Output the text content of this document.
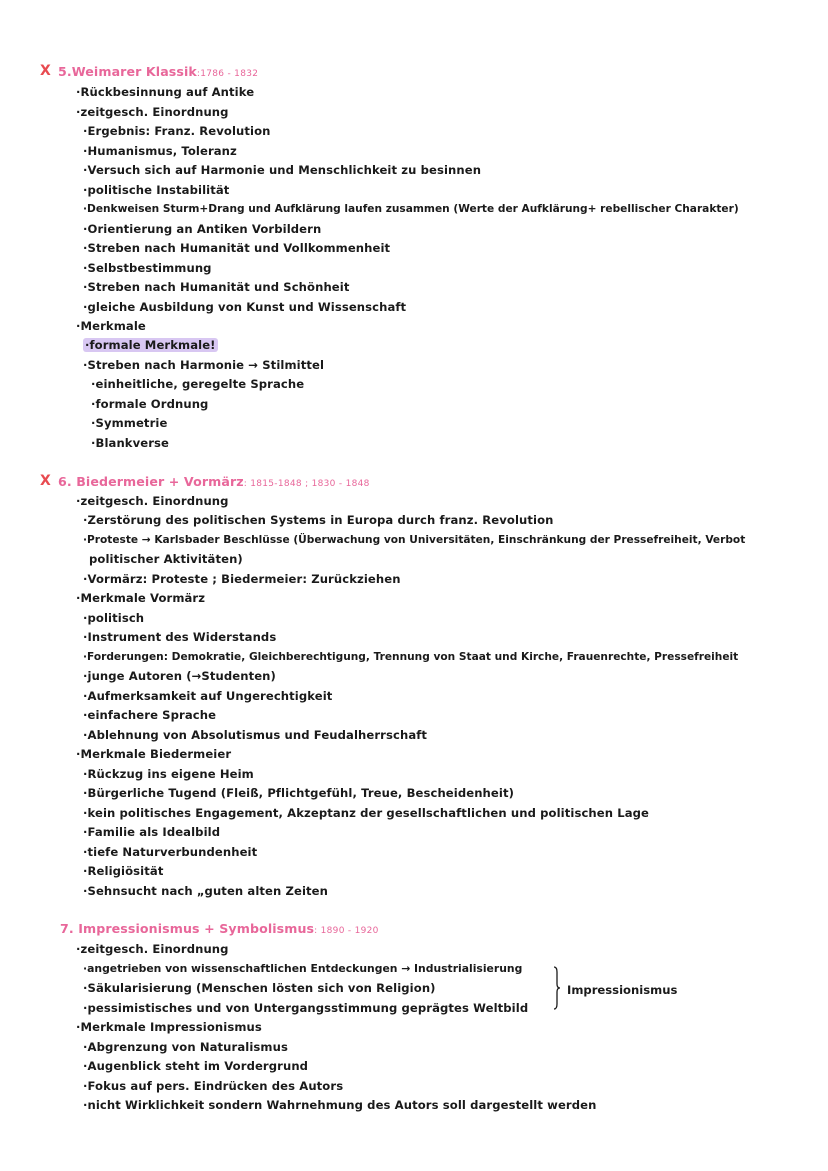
X 5.Weimarer Klassik:1786 - 1832
·Rückbesinnung auf Antike
·zeitgesch. Einordnung
·Ergebnis: Franz. Revolution
·Humanismus, Toleranz
·Versuch sich auf Harmonie und Menschlichkeit zu besinnen
·politische Instabilität
·Denkweisen Sturm+Drang und Aufklärung laufen zusammen (Werte der Aufklärung+ rebellischer Charakter)
·Orientierung an Antiken Vorbildern
·Streben nach Humanität und Vollkommenheit
·Selbstbestimmung
·Streben nach Humanität und Schönheit
·gleiche Ausbildung von Kunst und Wissenschaft
·Merkmale
·formale Merkmale!
·Streben nach Harmonie → Stilmittel
·einheitliche, geregelte Sprache
·formale Ordnung
·Symmetrie
·Blankverse
X 6. Biedermeier + Vormärz: 1815-1848 ; 1830 - 1848
·zeitgesch. Einordnung
·Zerstörung des politischen Systems in Europa durch franz. Revolution
·Proteste → Karlsbader Beschlüsse (Überwachung von Universitäten, Einschränkung der Pressefreiheit, Verbot
politischer Aktivitäten)
·Vormärz: Proteste ; Biedermeier: Zurückziehen
·Merkmale Vormärz
·politisch
·Instrument des Widerstands
·Forderungen: Demokratie, Gleichberechtigung, Trennung von Staat und Kirche, Frauenrechte, Pressefreiheit
·junge Autoren (→Studenten)
·Aufmerksamkeit auf Ungerechtigkeit
·einfachere Sprache
·Ablehnung von Absolutismus und Feudalherrschaft
·Merkmale Biedermeier
·Rückzug ins eigene Heim
·Bürgerliche Tugend (Fleiß, Pflichtgefühl, Treue, Bescheidenheit)
·kein politisches Engagement, Akzeptanz der gesellschaftlichen und politischen Lage
·Familie als Idealbild
·tiefe Naturverbundenheit
·Religiösität
·Sehnsucht nach „guten alten Zeiten
7. Impressionismus + Symbolismus: 1890 - 1920
·zeitgesch. Einordnung
·angetrieben von wissenschaftlichen Entdeckungen → Industrialisierung
·Säkularisierung (Menschen lösten sich von Religion)
·pessimistisches und von Untergangsstimmung geprägtes Weltbild
Impressionismus
·Merkmale Impressionismus
·Abgrenzung von Naturalismus
·Augenblick steht im Vordergrund
·Fokus auf pers. Eindrücken des Autors
·nicht Wirklichkeit sondern Wahrnehmung des Autors soll dargestellt werden
